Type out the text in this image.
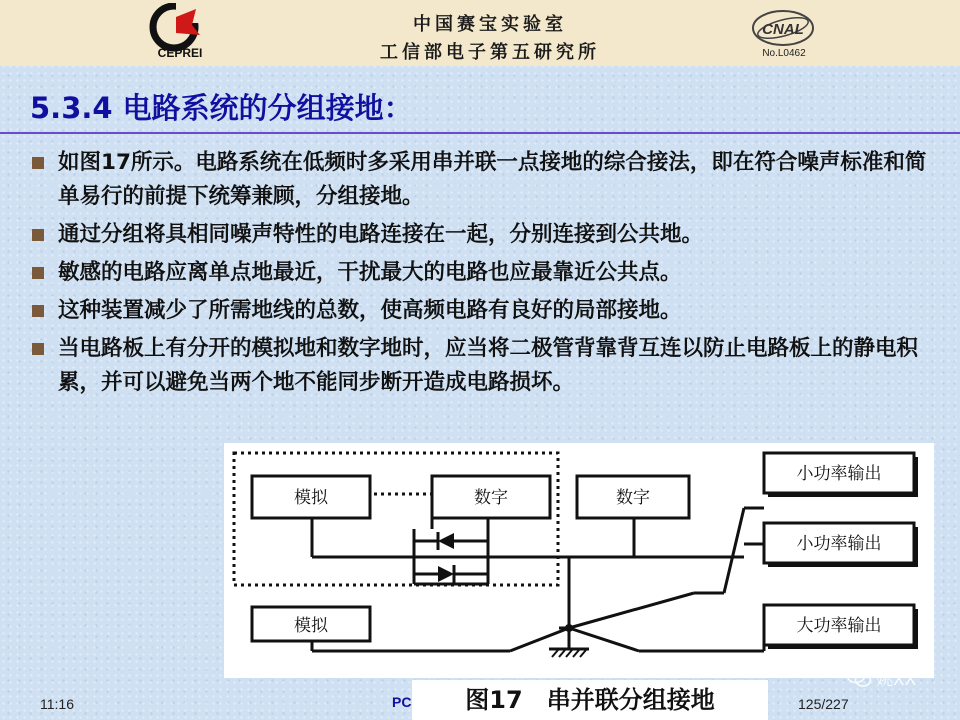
CEPREI
中国赛宝实验室
工信部电子第五研究所
CNAL
No.L0462
5.3.4 电路系统的分组接地：
如图17所示。电路系统在低频时多采用串并联一点接地的综合接法，即在符合噪声标准和简单易行的前提下统筹兼顾，分组接地。
通过分组将具相同噪声特性的电路连接在一起，分别连接到公共地。
敏感的电路应离单点地最近，干扰最大的电路也应最靠近公共点。
这种装置减少了所需地线的总数，使高频电路有良好的局部接地。
当电路板上有分开的模拟地和数字地时，应当将二极管背靠背互连以防止电路板上的静电积累，并可以避免当两个地不能同步断开造成电路损坏。
模拟	数字	数字
模拟
小功率输出
小功率输出
大功率输出
图17　串并联分组接地
11:16	PC	125/227
姚XX
